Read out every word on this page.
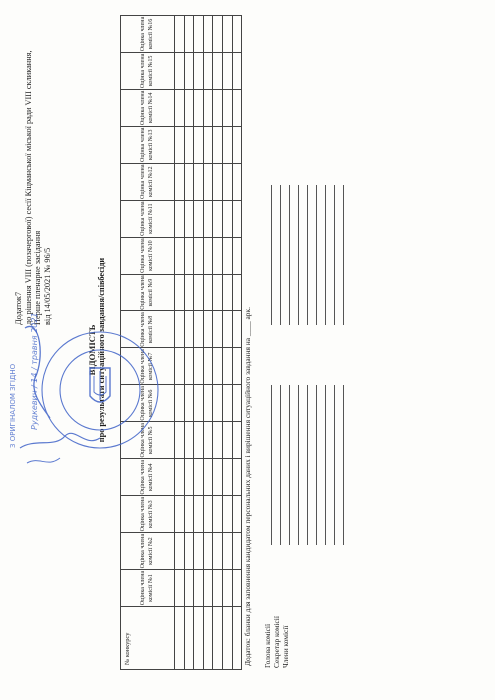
Додаток7 до рішення VIII (позачергової) сесії Кіцманської міської ради VIII скликання, Перше пленарне засідання від 14/05/2021 № 96/5
ВІДОМІСТЬ про результати ситуаційного завдання/співбесіди
№ конкурсу	Оцінка члена комісії №1	Оцінка члена комісії №2	Оцінка члена комісії №3	Оцінка члена комісії №4	Оцінка члена комісії №5	Оцінка члена комісії №6	Оцінка члена комісії №7	Оцінка члена комісії №8	Оцінка члена комісії №9	Оцінка члена комісії №10	Оцінка члена комісії №11	Оцінка члена комісії №12	Оцінка члена комісії №13	Оцінка члена комісії №14	Оцінка члена комісії №15	Оцінка члена комісії №16

Додаток: бланки для заповнення кандидатом персональних даних і вирішення ситуаційного завдання на ____ арк. Голова комісії Секретар комісії Члени комісії
З ОРИГІНАЛОМ ЗГІДНО Рудкевич / 14 / травня 2021
